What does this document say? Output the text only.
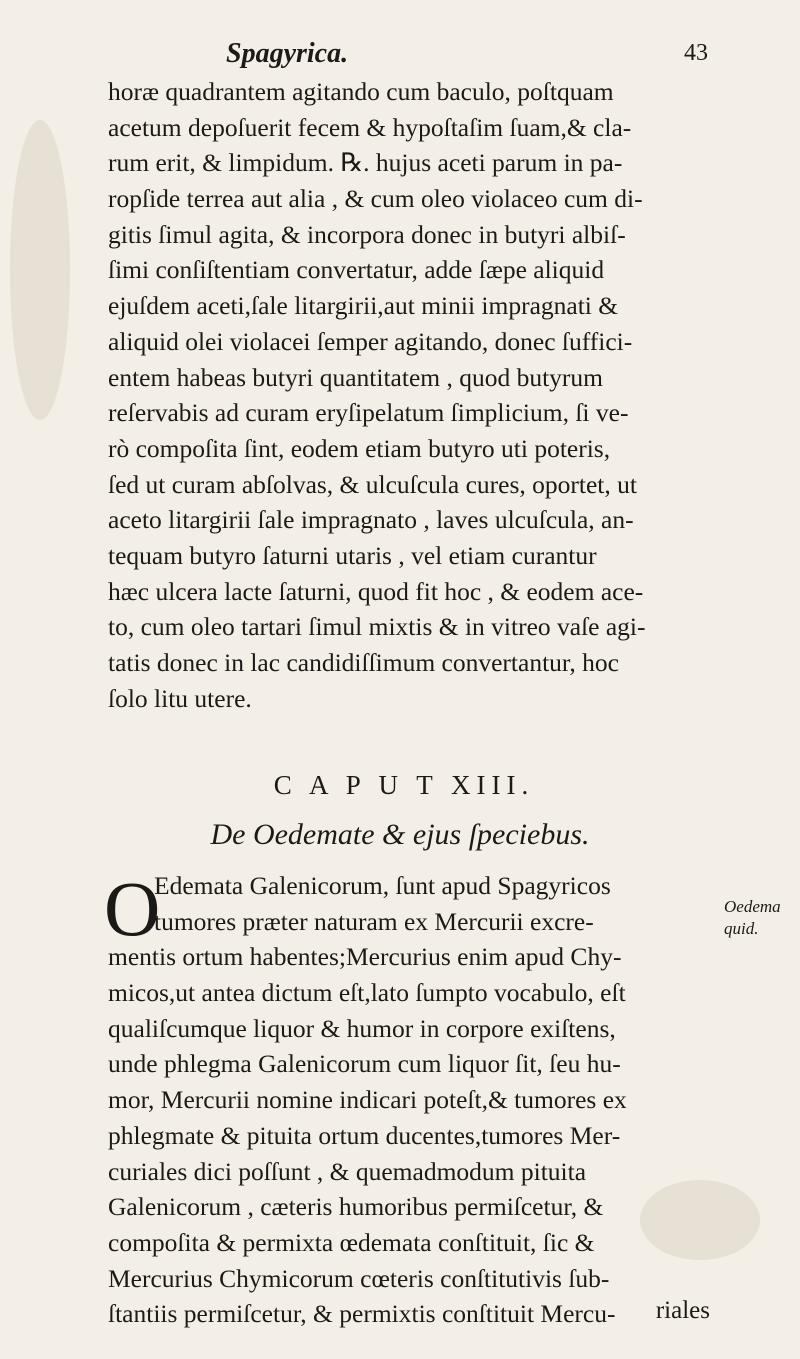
Spagyrica.	43
horæ quadrantem agitando cum baculo, poſtquam
acetum depoſuerit fecem & hypoſtaſim ſuam,& cla-
rum erit, & limpidum. ℞. hujus aceti parum in pa-
ropſide terrea aut alia , & cum oleo violaceo cum di-
gitis ſimul agita, & incorpora donec in butyri albiſ-
ſimi conſiſtentiam convertatur, adde ſæpe aliquid
ejuſdem aceti,ſale litargirii,aut minii impragnati &
aliquid olei violacei ſemper agitando, donec ſuffici-
entem habeas butyri quantitatem , quod butyrum
reſervabis ad curam eryſipelatum ſimplicium, ſi ve-
rò compoſita ſint, eodem etiam butyro uti poteris,
ſed ut curam abſolvas, & ulcuſcula cures, oportet, ut
aceto litargirii ſale impragnato , laves ulcuſcula, an-
tequam butyro ſaturni utaris , vel etiam curantur
hæc ulcera lacte ſaturni, quod fit hoc , & eodem ace-
to, cum oleo tartari ſimul mixtis & in vitreo vaſe agi-
tatis donec in lac candidiſſimum convertantur, hoc
ſolo litu utere.
C A P U T XIII.
De Oedemate & ejus ſpeciebus.
O
Edemata Galenicorum, ſunt apud Spagyricos
tumores præter naturam ex Mercurii excre-
mentis ortum habentes;Mercurius enim apud Chy-
micos,ut antea dictum eſt,lato ſumpto vocabulo, eſt
qualiſcumque liquor & humor in corpore exiſtens,
unde phlegma Galenicorum cum liquor ſit, ſeu hu-
mor, Mercurii nomine indicari poteſt,& tumores ex
phlegmate & pituita ortum ducentes,tumores Mer-
curiales dici poſſunt , & quemadmodum pituita
Galenicorum , cæteris humoribus permiſcetur, &
compoſita & permixta œdemata conſtituit, ſic &
Mercurius Chymicorum cœteris conſtitutivis ſub-
ſtantiis permiſcetur, & permixtis conſtituit Mercu-
Oedema
quid.
riales
